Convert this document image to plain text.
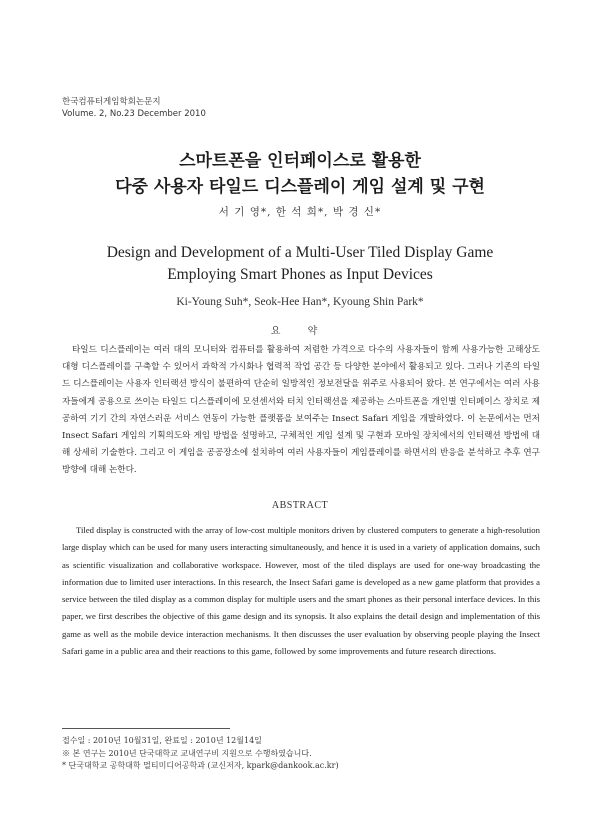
한국컴퓨터게임학회논문지
Volume. 2, No.23 December 2010
스마트폰을 인터페이스로 활용한
다중 사용자 타일드 디스플레이 게임 설계 및 구현
서 기 영*, 한 석 희*, 박 경 신*
Design and Development of a Multi-User Tiled Display Game
Employing Smart Phones as Input Devices
Ki-Young Suh*, Seok-Hee Han*, Kyoung Shin Park*
요 약

타일드 디스플레이는 여러 대의 모니터와 컴퓨터를 활용하여 저렴한 가격으로 다수의 사용자들이 함께 사용가능한 고해상도 대형 디스플레이를 구축할 수 있어서 과학적 가시화나 협력적 작업 공간 등 다양한 분야에서 활용되고 있다. 그러나 기존의 타일드 디스플레이는 사용자 인터랙션 방식이 불편하여 단순히 일방적인 정보전달을 위주로 사용되어 왔다. 본 연구에서는 여러 사용자들에게 공용으로 쓰이는 타일드 디스플레이에 모션센서와 터치 인터랙션을 제공하는 스마트폰을 개인별 인터페이스 장치로 제공하여 기기 간의 자연스러운 서비스 연동이 가능한 플랫폼을 보여주는 Insect Safari 게임을 개발하였다. 이 논문에서는 먼저 Insect Safari 게임의 기획의도와 게임 방법을 설명하고, 구체적인 게임 설계 및 구현과 모바일 장치에서의 인터랙션 방법에 대해 상세히 기술한다. 그리고 이 게임을 공공장소에 설치하여 여러 사용자들이 게임플레이를 하면서의 반응을 분석하고 추후 연구방향에 대해 논한다.

ABSTRACT

Tiled display is constructed with the array of low-cost multiple monitors driven by clustered computers to generate a high-resolution large display which can be used for many users interacting simultaneously, and hence it is used in a variety of application domains, such as scientific visualization and collaborative workspace. However, most of the tiled displays are used for one-way broadcasting the information due to limited user interactions. In this research, the Insect Safari game is developed as a new game platform that provides a service between the tiled display as a common display for multiple users and the smart phones as their personal interface devices. In this paper, we first describes the objective of this game design and its synopsis. It also explains the detail design and implementation of this game as well as the mobile device interaction mechanisms. It then discusses the user evaluation by observing people playing the Insect Safari game in a public area and their reactions to this game, followed by some improvements and future research directions.

접수일 : 2010년 10월31일, 완료일 : 2010년 12월14일
※ 본 연구는 2010년 단국대학교 교내연구비 지원으로 수행하였습니다.
* 단국대학교 공학대학 멀티미디어공학과 (교신저자, kpark@dankook.ac.kr)
